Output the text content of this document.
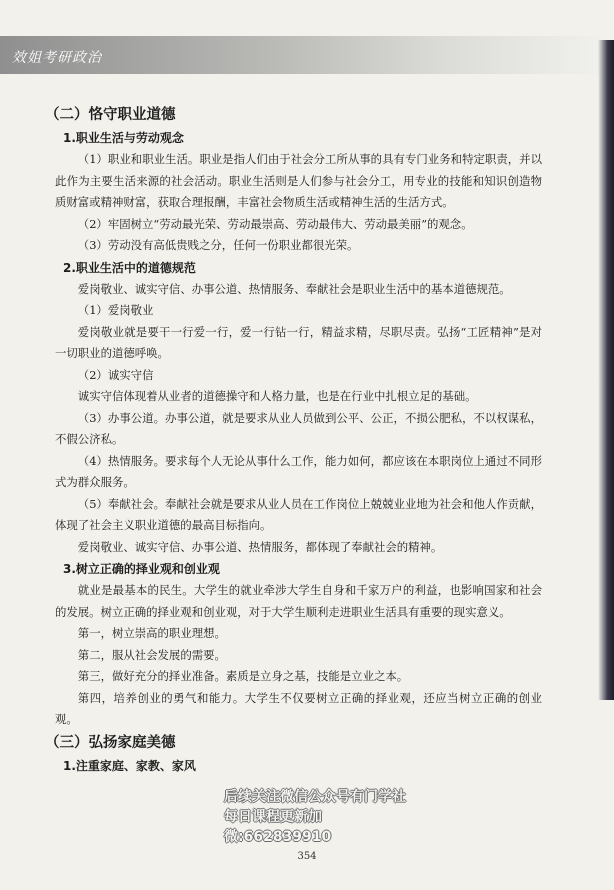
效姐考研政治
（二）恪守职业道德
1.职业生活与劳动观念

（1）职业和职业生活。职业是指人们由于社会分工所从事的具有专门业务和特定职责，并以此作为主要生活来源的社会活动。职业生活则是人们参与社会分工，用专业的技能和知识创造物质财富或精神财富，获取合理报酬，丰富社会物质生活或精神生活的生活方式。

（2）牢固树立“劳动最光荣、劳动最崇高、劳动最伟大、劳动最美丽”的观念。

（3）劳动没有高低贵贱之分，任何一份职业都很光荣。

2.职业生活中的道德规范

爱岗敬业、诚实守信、办事公道、热情服务、奉献社会是职业生活中的基本道德规范。

（1）爱岗敬业

爱岗敬业就是要干一行爱一行，爱一行钻一行，精益求精，尽职尽责。弘扬“工匠精神”是对一切职业的道德呼唤。

（2）诚实守信

诚实守信体现着从业者的道德操守和人格力量，也是在行业中扎根立足的基础。

（3）办事公道。办事公道，就是要求从业人员做到公平、公正，不损公肥私，不以权谋私，不假公济私。

（4）热情服务。要求每个人无论从事什么工作，能力如何，都应该在本职岗位上通过不同形式为群众服务。

（5）奉献社会。奉献社会就是要求从业人员在工作岗位上兢兢业业地为社会和他人作贡献，体现了社会主义职业道德的最高目标指向。

爱岗敬业、诚实守信、办事公道、热情服务，都体现了奉献社会的精神。

3.树立正确的择业观和创业观

就业是最基本的民生。大学生的就业牵涉大学生自身和千家万户的利益，也影响国家和社会的发展。树立正确的择业观和创业观，对于大学生顺利走进职业生活具有重要的现实意义。

第一，树立崇高的职业理想。

第二，服从社会发展的需要。

第三，做好充分的择业准备。素质是立身之基，技能是立业之本。

第四，培养创业的勇气和能力。大学生不仅要树立正确的择业观，还应当树立正确的创业观。

（三）弘扬家庭美德
1.注重家庭、家教、家风
后续关注微信公众号有门学社
每日课程更新加微:662839910
354
